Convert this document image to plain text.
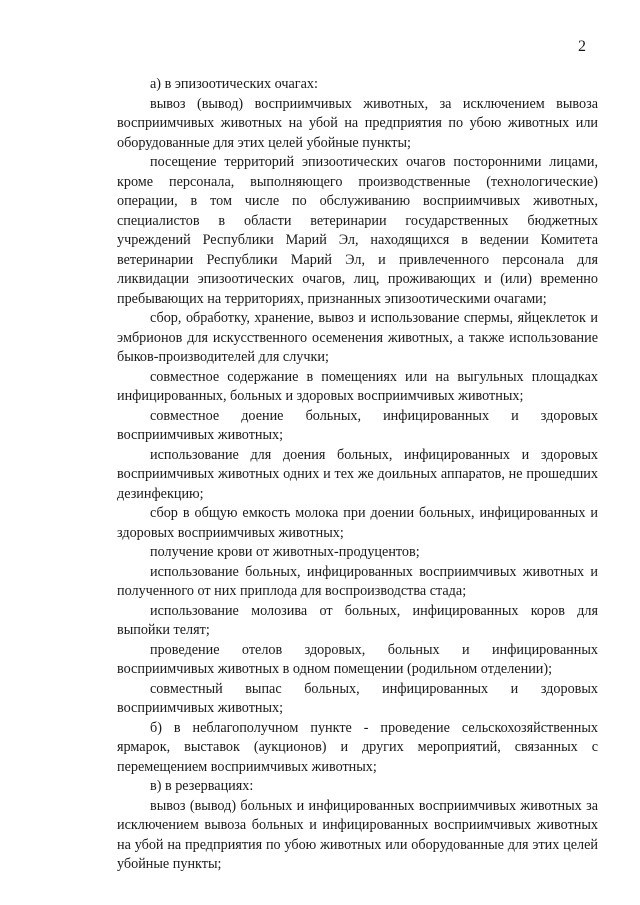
2

а) в эпизоотических очагах:

вывоз (вывод) восприимчивых животных, за исключением вывоза восприимчивых животных на убой на предприятия по убою животных или оборудованные для этих целей убойные пункты;

посещение территорий эпизоотических очагов посторонними лицами, кроме персонала, выполняющего производственные (технологические) операции, в том числе по обслуживанию восприимчивых животных, специалистов в области ветеринарии государственных бюджетных учреждений Республики Марий Эл, находящихся в ведении Комитета ветеринарии Республики Марий Эл, и привлеченного персонала для ликвидации эпизоотических очагов, лиц, проживающих и (или) временно пребывающих на территориях, признанных эпизоотическими очагами;

сбор, обработку, хранение, вывоз и использование спермы, яйцеклеток и эмбрионов для искусственного осеменения животных, а также использование быков-производителей для случки;

совместное содержание в помещениях или на выгульных площадках инфицированных, больных и здоровых восприимчивых животных;

совместное доение больных, инфицированных и здоровых восприимчивых животных;

использование для доения больных, инфицированных и здоровых восприимчивых животных одних и тех же доильных аппаратов, не прошедших дезинфекцию;

сбор в общую емкость молока при доении больных, инфицированных и здоровых восприимчивых животных;

получение крови от животных-продуцентов;

использование больных, инфицированных восприимчивых животных и полученного от них приплода для воспроизводства стада;

использование молозива от больных, инфицированных коров для выпойки телят;

проведение отелов здоровых, больных и инфицированных восприимчивых животных в одном помещении (родильном отделении);

совместный выпас больных, инфицированных и здоровых восприимчивых животных;

б) в неблагополучном пункте - проведение сельскохозяйственных ярмарок, выставок (аукционов) и других мероприятий, связанных с перемещением восприимчивых животных;

в) в резервациях:

вывоз (вывод) больных и инфицированных восприимчивых животных за исключением вывоза больных и инфицированных восприимчивых животных на убой на предприятия по убою животных или оборудованные для этих целей убойные пункты;
